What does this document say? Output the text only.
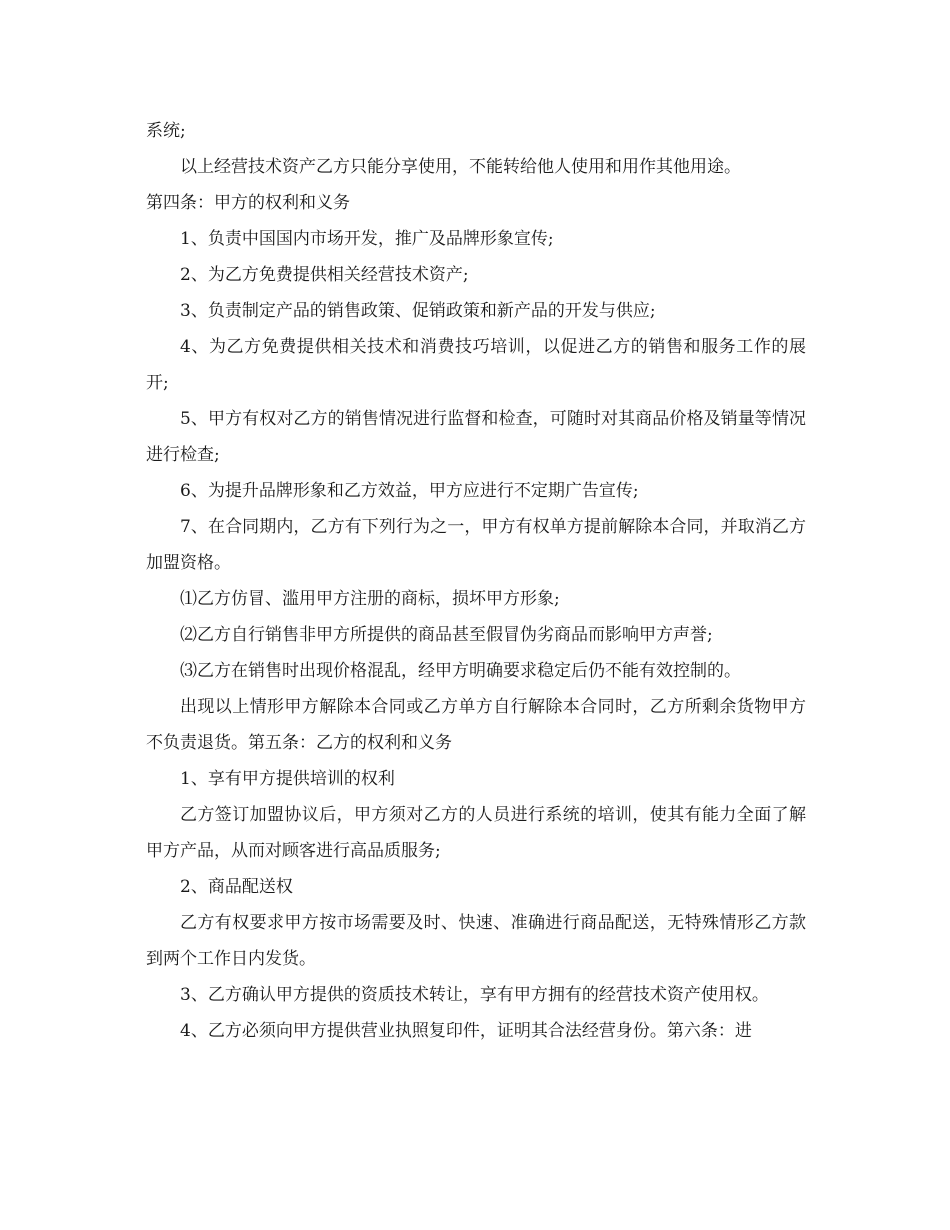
系统;

以上经营技术资产乙方只能分享使用，不能转给他人使用和用作其他用途。

第四条：甲方的权利和义务

1、负责中国国内市场开发，推广及品牌形象宣传;

2、为乙方免费提供相关经营技术资产;

3、负责制定产品的销售政策、促销政策和新产品的开发与供应;

4、为乙方免费提供相关技术和消费技巧培训，以促进乙方的销售和服务工作的展开;

5、甲方有权对乙方的销售情况进行监督和检查，可随时对其商品价格及销量等情况进行检查;

6、为提升品牌形象和乙方效益，甲方应进行不定期广告宣传;

7、在合同期内，乙方有下列行为之一，甲方有权单方提前解除本合同，并取消乙方加盟资格。

⑴乙方仿冒、滥用甲方注册的商标，损坏甲方形象;

⑵乙方自行销售非甲方所提供的商品甚至假冒伪劣商品而影响甲方声誉;

⑶乙方在销售时出现价格混乱，经甲方明确要求稳定后仍不能有效控制的。

出现以上情形甲方解除本合同或乙方单方自行解除本合同时，乙方所剩余货物甲方不负责退货。第五条：乙方的权利和义务

1、享有甲方提供培训的权利

乙方签订加盟协议后，甲方须对乙方的人员进行系统的培训，使其有能力全面了解甲方产品，从而对顾客进行高品质服务;

2、商品配送权

乙方有权要求甲方按市场需要及时、快速、准确进行商品配送，无特殊情形乙方款到两个工作日内发货。

3、乙方确认甲方提供的资质技术转让，享有甲方拥有的经营技术资产使用权。

4、乙方必须向甲方提供营业执照复印件，证明其合法经营身份。第六条：进
